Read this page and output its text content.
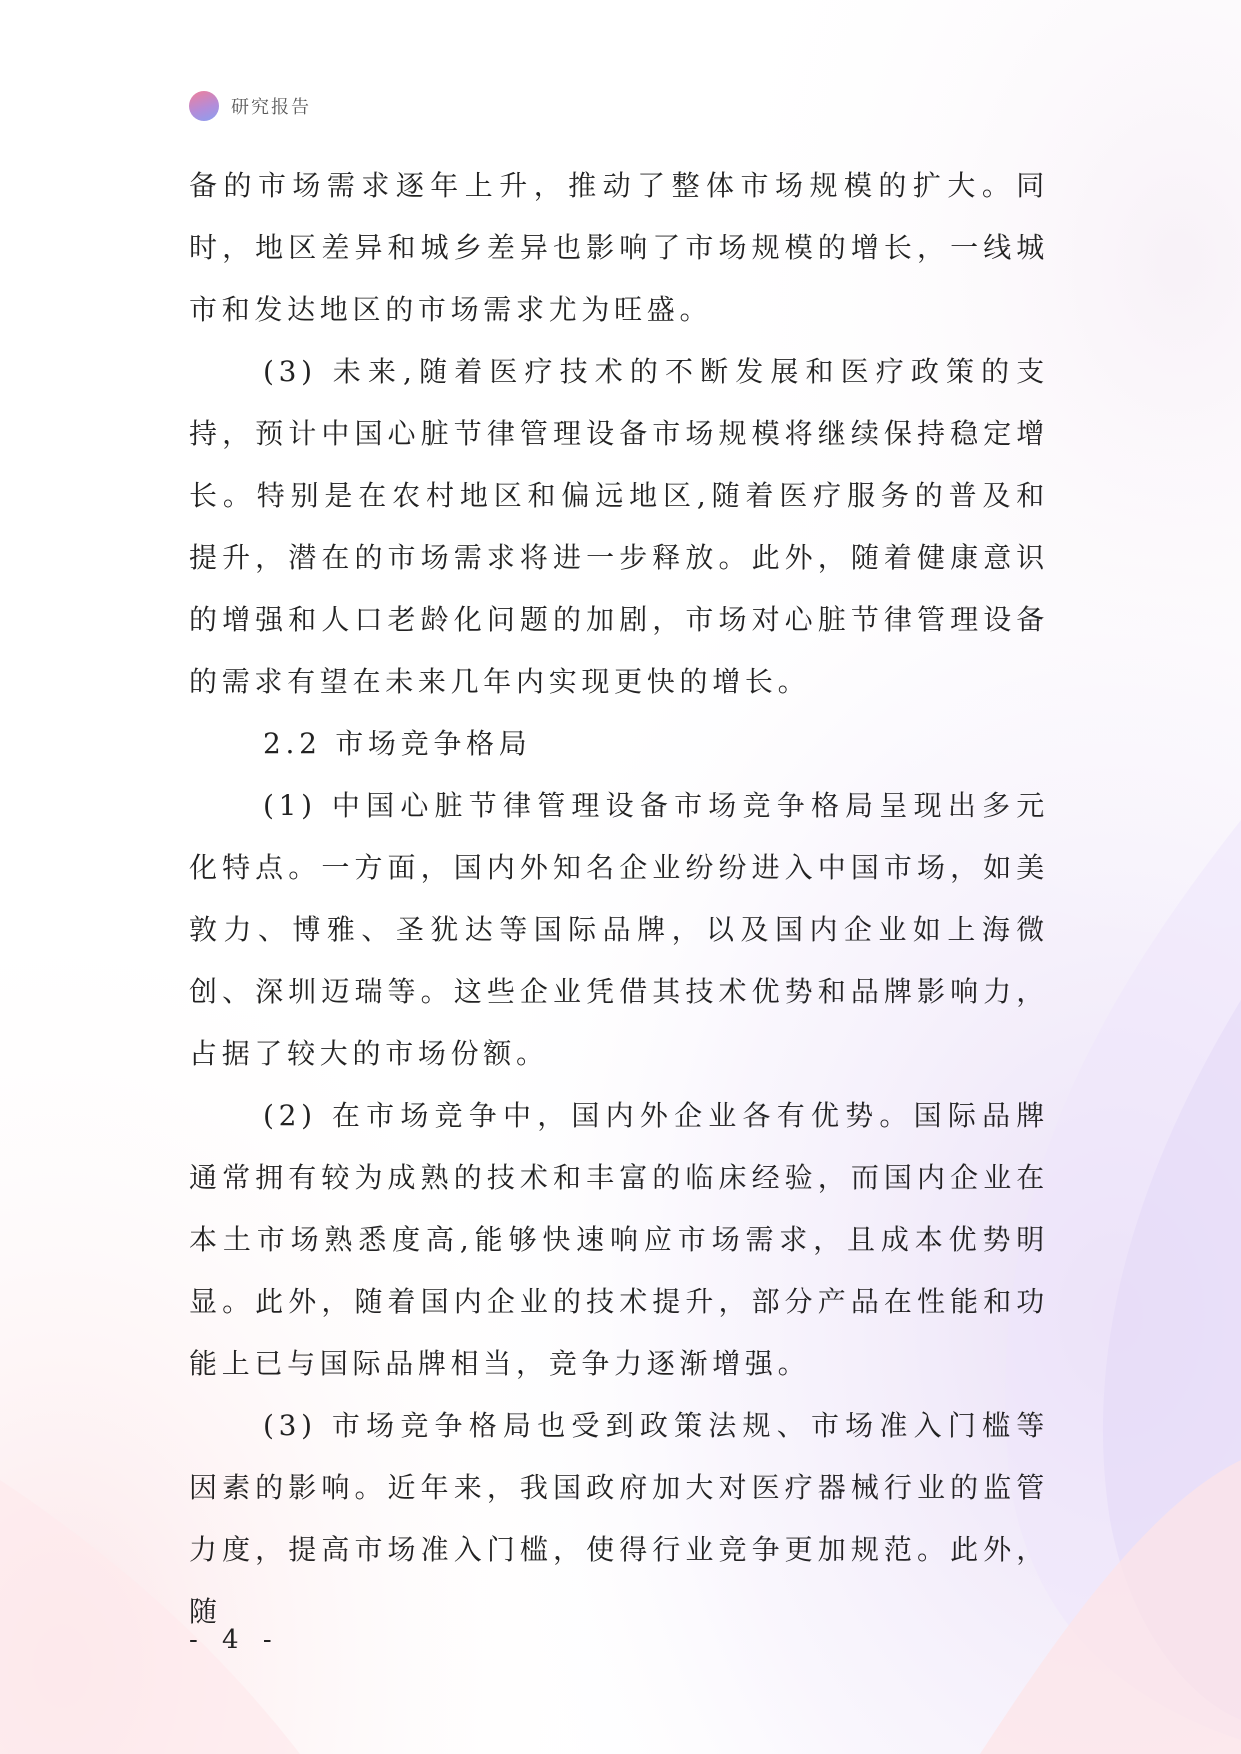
研究报告

备的市场需求逐年上升，推动了整体市场规模的扩大。同时，地区差异和城乡差异也影响了市场规模的增长，一线城市和发达地区的市场需求尤为旺盛。

(3) 未来,随着医疗技术的不断发展和医疗政策的支持，预计中国心脏节律管理设备市场规模将继续保持稳定增长。特别是在农村地区和偏远地区,随着医疗服务的普及和提升，潜在的市场需求将进一步释放。此外，随着健康意识的增强和人口老龄化问题的加剧，市场对心脏节律管理设备的需求有望在未来几年内实现更快的增长。

2.2 市场竞争格局

(1) 中国心脏节律管理设备市场竞争格局呈现出多元化特点。一方面，国内外知名企业纷纷进入中国市场，如美敦力、博雅、圣犹达等国际品牌，以及国内企业如上海微创、深圳迈瑞等。这些企业凭借其技术优势和品牌影响力，占据了较大的市场份额。

(2) 在市场竞争中，国内外企业各有优势。国际品牌通常拥有较为成熟的技术和丰富的临床经验，而国内企业在本土市场熟悉度高,能够快速响应市场需求，且成本优势明显。此外，随着国内企业的技术提升，部分产品在性能和功能上已与国际品牌相当，竞争力逐渐增强。

(3) 市场竞争格局也受到政策法规、市场准入门槛等因素的影响。近年来，我国政府加大对医疗器械行业的监管力度，提高市场准入门槛，使得行业竞争更加规范。此外，随

- 4 -
